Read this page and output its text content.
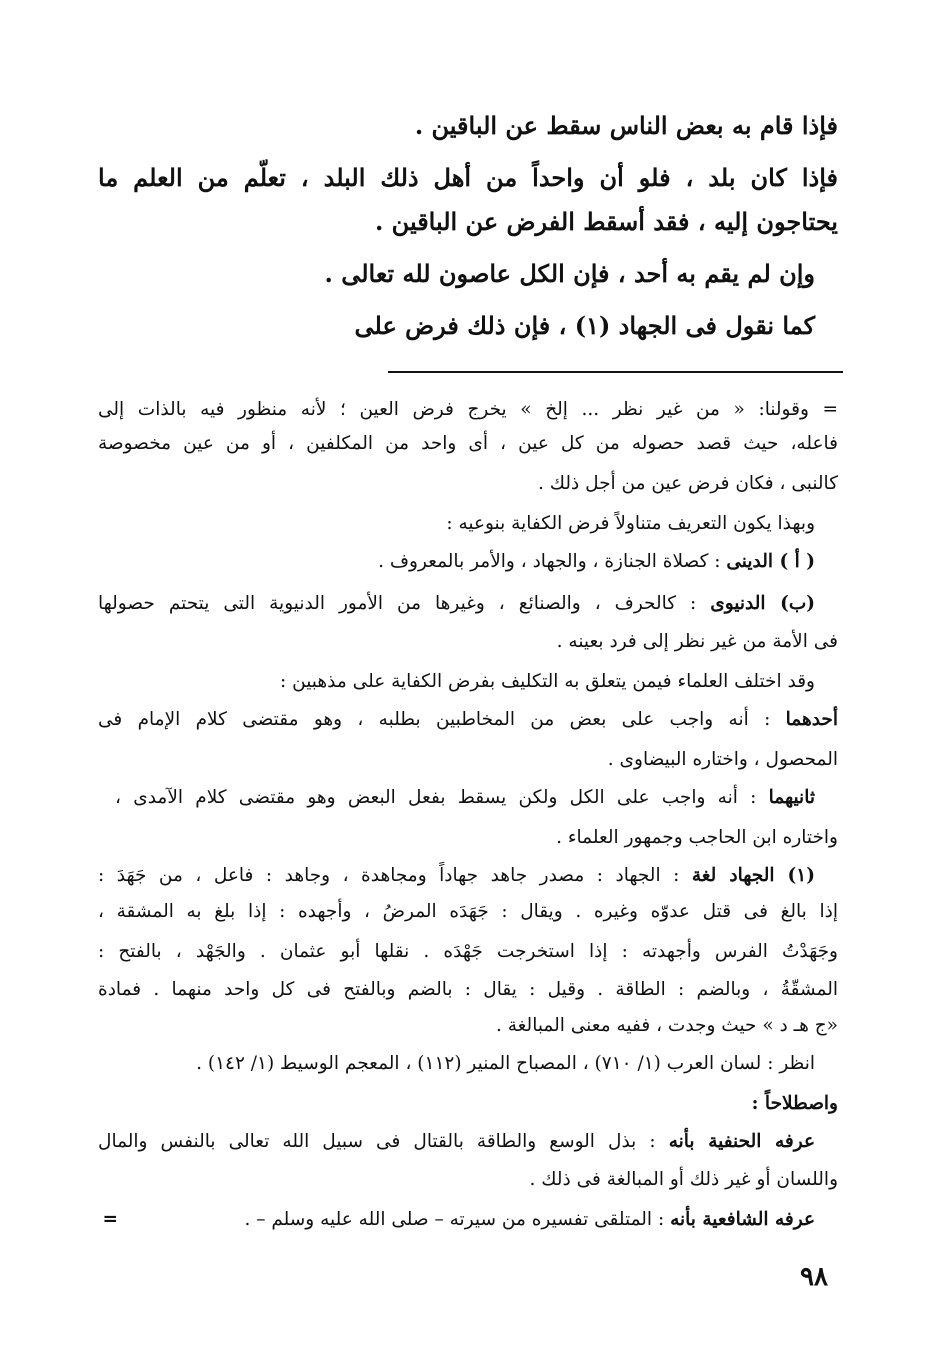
فإذا قام به بعض الناس سقط عن الباقين .
فإذا كان بلد ، فلو أن واحداً من أهل ذلك البلد ، تعلّم من العلم ما
يحتاجون إليه ، فقد أسقط الفرض عن الباقين .
وإن لم يقم به أحد ، فإن الكل عاصون لله تعالى .
كما نقول فى الجهاد (١) ، فإن ذلك فرض على
= وقولنا: « من غير نظر ... إلخ » يخرج فرض العين ؛ لأنه منظور فيه بالذات إلى
فاعله، حيث قصد حصوله من كل عين ، أى واحد من المكلفين ، أو من عين مخصوصة
كالنبى ، فكان فرض عين من أجل ذلك .
وبهذا يكون التعريف متناولاً فرض الكفاية بنوعيه :
( أ ) الدينى : كصلاة الجنازة ، والجهاد ، والأمر بالمعروف .
(ب) الدنيوى : كالحرف ، والصنائع ، وغيرها من الأمور الدنيوية التى يتحتم حصولها
فى الأمة من غير نظر إلى فرد بعينه .
وقد اختلف العلماء فيمن يتعلق به التكليف بفرض الكفاية على مذهبين :
أحدهما : أنه واجب على بعض من المخاطبين بطلبه ، وهو مقتضى كلام الإمام فى
المحصول ، واختاره البيضاوى .
ثانيهما : أنه واجب على الكل ولكن يسقط بفعل البعض وهو مقتضى كلام الآمدى ،
واختاره ابن الحاجب وجمهور العلماء .
(١) الجهاد لغة : الجهاد : مصدر جاهد جهاداً ومجاهدة ، وجاهد : فاعل ، من جَهَدَ :
إذا بالغ فى قتل عدوّه وغيره . ويقال : جَهَدَه المرضُ ، وأجهده : إذا بلغ به المشقة ،
وجَهَدْتُ الفرس وأجهدته : إذا استخرجت جَهْدَه . نقلها أبو عثمان . والجَهْد ، بالفتح :
المشقّةُ ، وبالضم : الطاقة . وقيل : يقال : بالضم وبالفتح فى كل واحد منهما . فمادة
«ج هـ د » حيث وجدت ، ففيه معنى المبالغة .
انظر : لسان العرب (١/ ٧١٠) ، المصباح المنير (١١٢) ، المعجم الوسيط (١/ ١٤٢) .
واصطلاحاً :
عرفه الحنفية بأنه : بذل الوسع والطاقة بالقتال فى سبيل الله تعالى بالنفس والمال
واللسان أو غير ذلك أو المبالغة فى ذلك .
عرفه الشافعية بأنه : المتلقى تفسيره من سيرته – صلى الله عليه وسلم – .
=
٩٨
